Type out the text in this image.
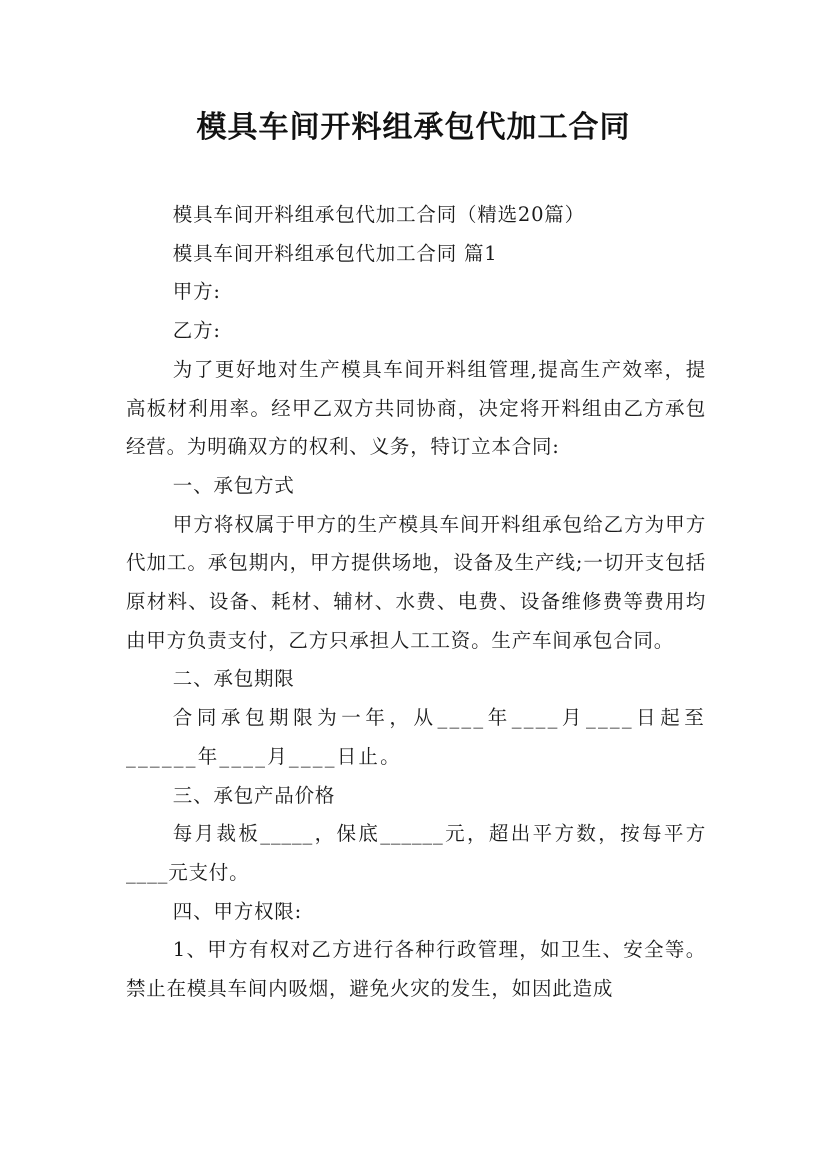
模具车间开料组承包代加工合同

模具车间开料组承包代加工合同（精选20篇）

模具车间开料组承包代加工合同 篇1

甲方:

乙方:

为了更好地对生产模具车间开料组管理,提高生产效率，提高板材利用率。经甲乙双方共同协商，决定将开料组由乙方承包经营。为明确双方的权利、义务，特订立本合同:

一、承包方式

甲方将权属于甲方的生产模具车间开料组承包给乙方为甲方代加工。承包期内，甲方提供场地，设备及生产线;一切开支包括原材料、设备、耗材、辅材、水费、电费、设备维修费等费用均由甲方负责支付，乙方只承担人工工资。生产车间承包合同。

二、承包期限

合同承包期限为一年，从____年____月____日起至______年____月____日止。

三、承包产品价格

每月裁板_____，保底______元，超出平方数，按每平方____元支付。

四、甲方权限:

1、甲方有权对乙方进行各种行政管理，如卫生、安全等。禁止在模具车间内吸烟，避免火灾的发生，如因此造成
